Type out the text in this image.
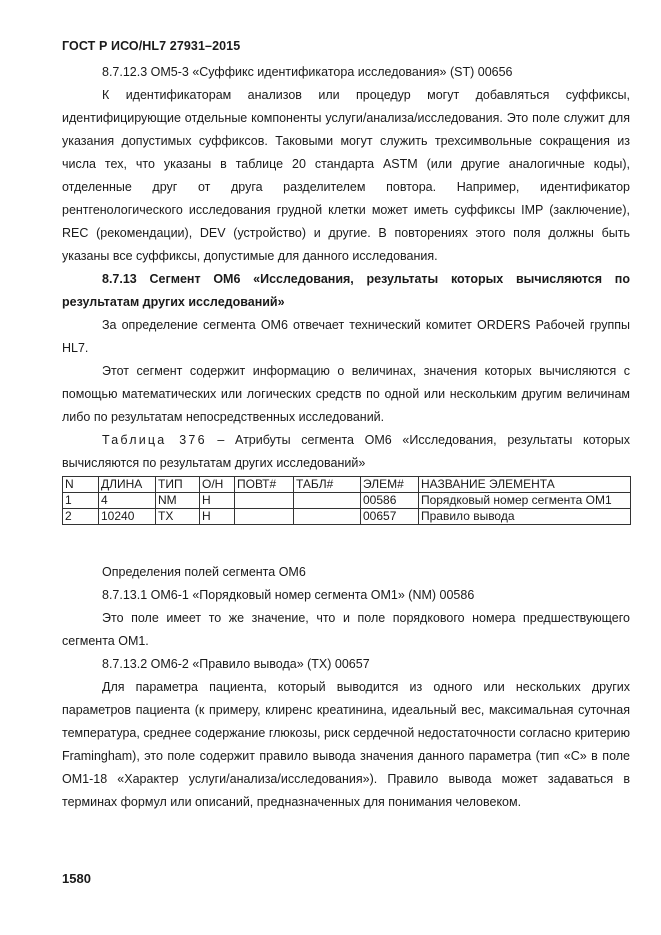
ГОСТ Р ИСО/HL7 27931–2015
8.7.12.3 OM5-3 «Суффикс идентификатора исследования» (ST) 00656

К идентификаторам анализов или процедур могут добавляться суффиксы, идентифицирующие отдельные компоненты услуги/анализа/исследования. Это поле служит для указания допустимых суффиксов. Таковыми могут служить трехсимвольные сокращения из числа тех, что указаны в таблице 20 стандарта ASTM (или другие аналогичные коды), отделенные друг от друга разделителем повтора. Например, идентификатор рентгенологического исследования грудной клетки может иметь суффиксы IMP (заключение), REC (рекомендации), DEV (устройство) и другие. В повторениях этого поля должны быть указаны все суффиксы, допустимые для данного исследования.

8.7.13 Сегмент OM6 «Исследования, результаты которых вычисляются по результатам других исследований»

За определение сегмента OM6 отвечает технический комитет ORDERS Рабочей группы HL7.

Этот сегмент содержит информацию о величинах, значения которых вычисляются с помощью математических или логических средств по одной или нескольким другим величинам либо по результатам непосредственных исследований.

Таблица 376 – Атрибуты сегмента OM6 «Исследования, результаты которых вычисляются по результатам других исследований»

N	ДЛИНА	ТИП	О/Н	ПОВТ#	ТАБЛ#	ЭЛЕМ#	НАЗВАНИЕ ЭЛЕМЕНТА
1	4	NM	Н			00586	Порядковый номер сегмента OM1
2	10240	TX	Н			00657	Правило вывода
Определения полей сегмента OM6
8.7.13.1 OM6-1 «Порядковый номер сегмента OM1» (NM) 00586

Это поле имеет то же значение, что и поле порядкового номера предшествующего сегмента OM1.

8.7.13.2 OM6-2 «Правило вывода» (TX) 00657

Для параметра пациента, который выводится из одного или нескольких других параметров пациента (к примеру, клиренс креатинина, идеальный вес, максимальная суточная температура, среднее содержание глюкозы, риск сердечной недостаточности согласно критерию Framingham), это поле содержит правило вывода значения данного параметра (тип «C» в поле OM1-18 «Характер услуги/анализа/исследования»). Правило вывода может задаваться в терминах формул или описаний, предназначенных для понимания человеком.

1580
